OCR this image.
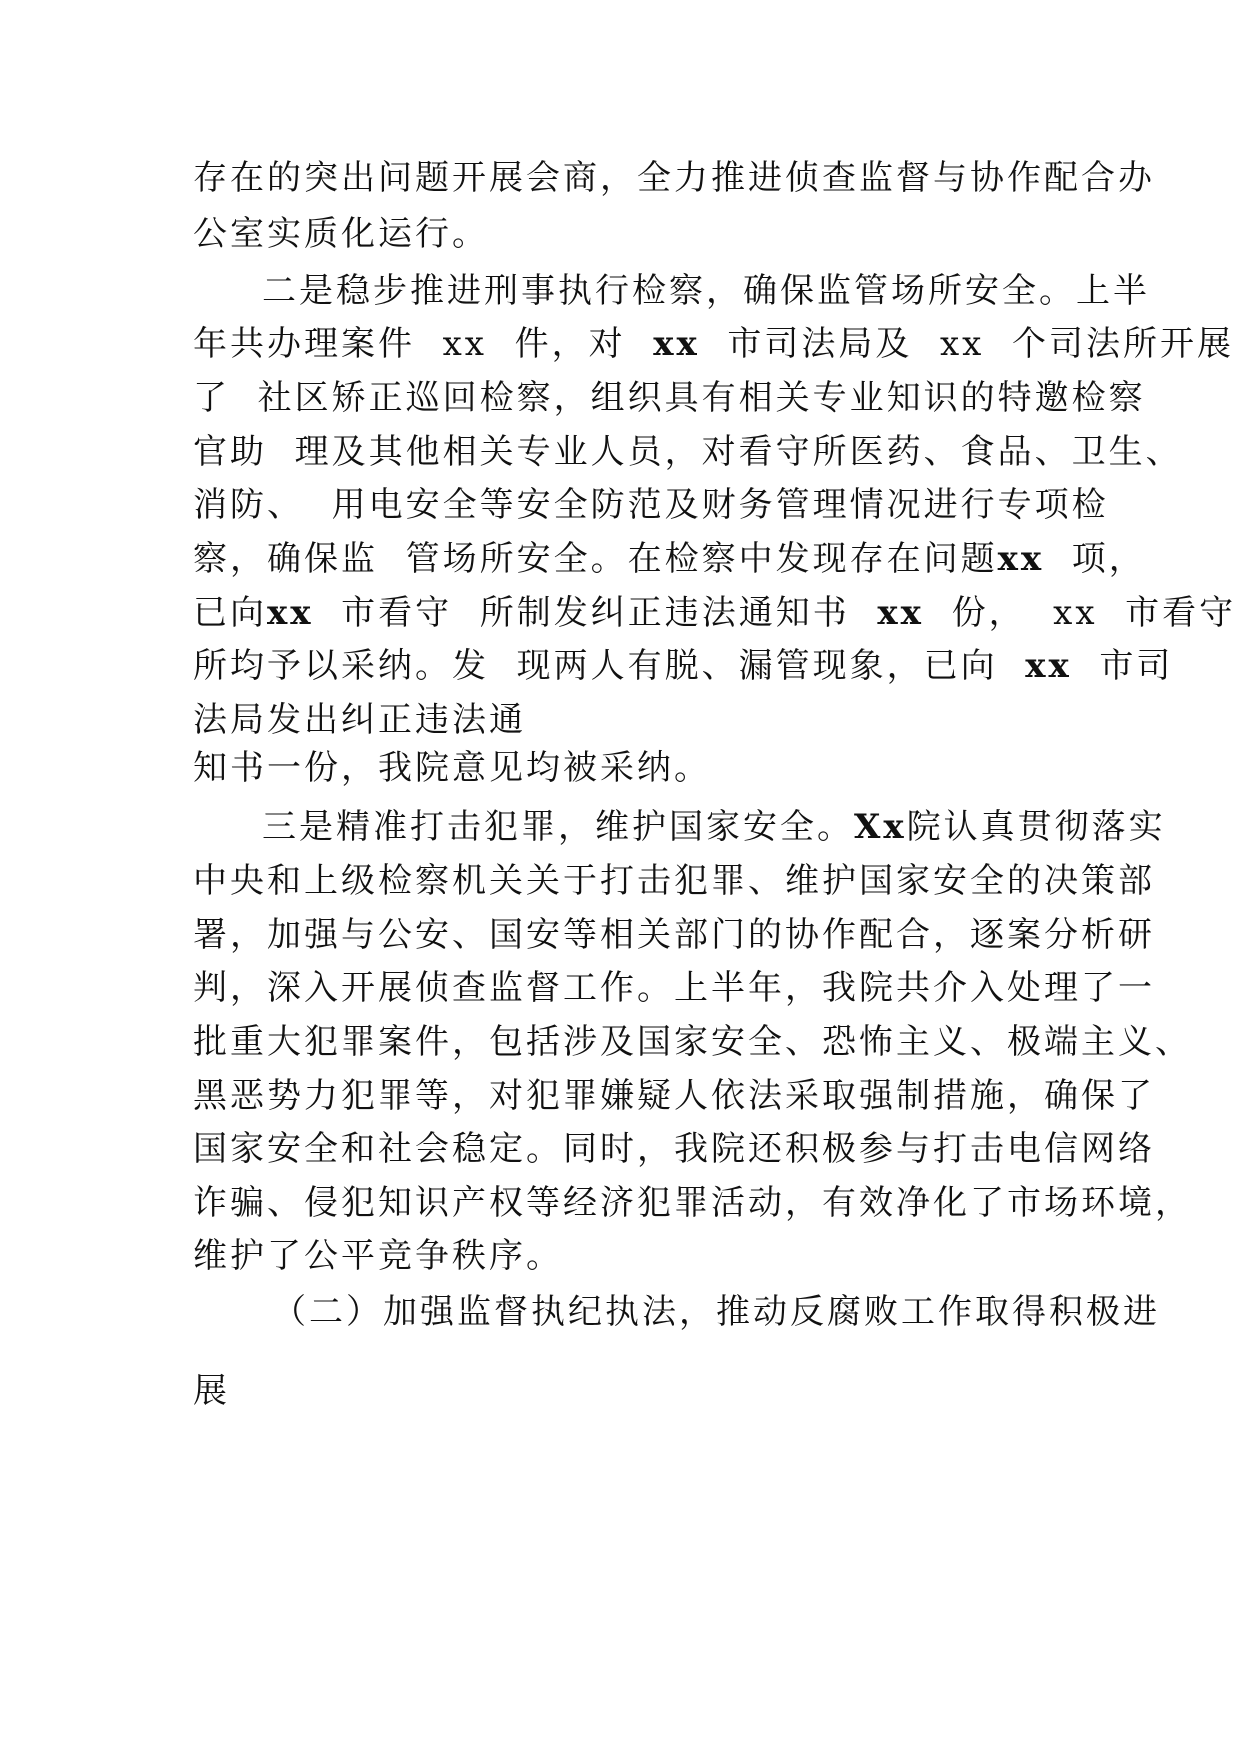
存在的突出问题开展会商，全力推进侦查监督与协作配合办
公室实质化运行。
二是稳步推进刑事执行检察，确保监管场所安全。上半
年共办理案件  xx  件，对  xx  市司法局及  xx  个司法所开展
了  社区矫正巡回检察，组织具有相关专业知识的特邀检察
官助  理及其他相关专业人员，对看守所医药、食品、卫生、
消防、  用电安全等安全防范及财务管理情况进行专项检
察，确保监  管场所安全。在检察中发现存在问题xx  项，
已向xx  市看守  所制发纠正违法通知书  xx  份，  xx  市看守
所均予以采纳。发  现两人有脱、漏管现象，已向  xx  市司
法局发出纠正违法通
知书一份，我院意见均被采纳。
三是精准打击犯罪，维护国家安全。Xx院认真贯彻落实
中央和上级检察机关关于打击犯罪、维护国家安全的决策部
署，加强与公安、国安等相关部门的协作配合，逐案分析研
判，深入开展侦查监督工作。上半年，我院共介入处理了一
批重大犯罪案件，包括涉及国家安全、恐怖主义、极端主义、
黑恶势力犯罪等，对犯罪嫌疑人依法采取强制措施，确保了
国家安全和社会稳定。同时，我院还积极参与打击电信网络
诈骗、侵犯知识产权等经济犯罪活动，有效净化了市场环境，
维护了公平竞争秩序。
（二）加强监督执纪执法，推动反腐败工作取得积极进
展
